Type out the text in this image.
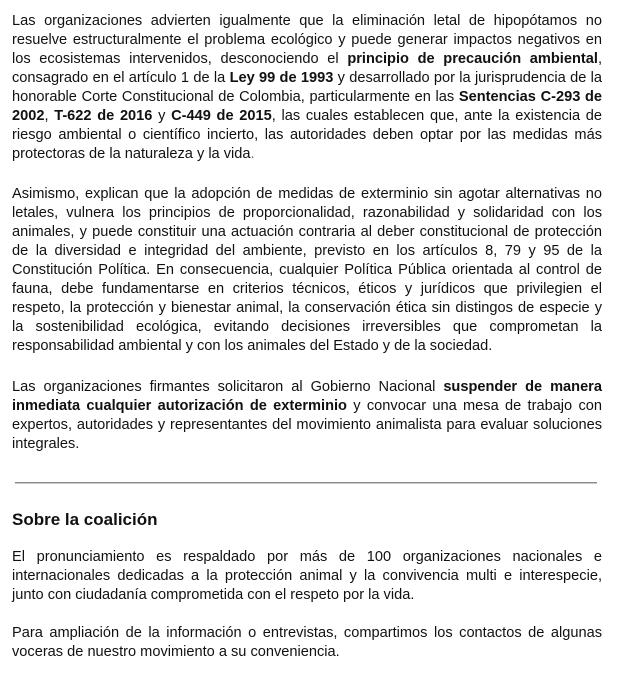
Las organizaciones advierten igualmente que la eliminación letal de hipopótamos no resuelve estructuralmente el problema ecológico y puede generar impactos negativos en los ecosistemas intervenidos, desconociendo el principio de precaución ambiental, consagrado en el artículo 1 de la Ley 99 de 1993 y desarrollado por la jurisprudencia de la honorable Corte Constitucional de Colombia, particularmente en las Sentencias C-293 de 2002, T-622 de 2016 y C-449 de 2015, las cuales establecen que, ante la existencia de riesgo ambiental o científico incierto, las autoridades deben optar por las medidas más protectoras de la naturaleza y la vida.

Asimismo, explican que la adopción de medidas de exterminio sin agotar alternativas no letales, vulnera los principios de proporcionalidad, razonabilidad y solidaridad con los animales, y puede constituir una actuación contraria al deber constitucional de protección de la diversidad e integridad del ambiente, previsto en los artículos 8, 79 y 95 de la Constitución Política. En consecuencia, cualquier Política Pública orientada al control de fauna, debe fundamentarse en criterios técnicos, éticos y jurídicos que privilegien el respeto, la protección y bienestar animal, la conservación ética sin distingos de especie y la sostenibilidad ecológica, evitando decisiones irreversibles que comprometan la responsabilidad ambiental y con los animales del Estado y de la sociedad.

Las organizaciones firmantes solicitaron al Gobierno Nacional suspender de manera inmediata cualquier autorización de exterminio y convocar una mesa de trabajo con expertos, autoridades y representantes del movimiento animalista para evaluar soluciones integrales.

Sobre la coalición

El pronunciamiento es respaldado por más de 100 organizaciones nacionales e internacionales dedicadas a la protección animal y la convivencia multi e interespecie, junto con ciudadanía comprometida con el respeto por la vida.

Para ampliación de la información o entrevistas, compartimos los contactos de algunas voceras de nuestro movimiento a su conveniencia.
